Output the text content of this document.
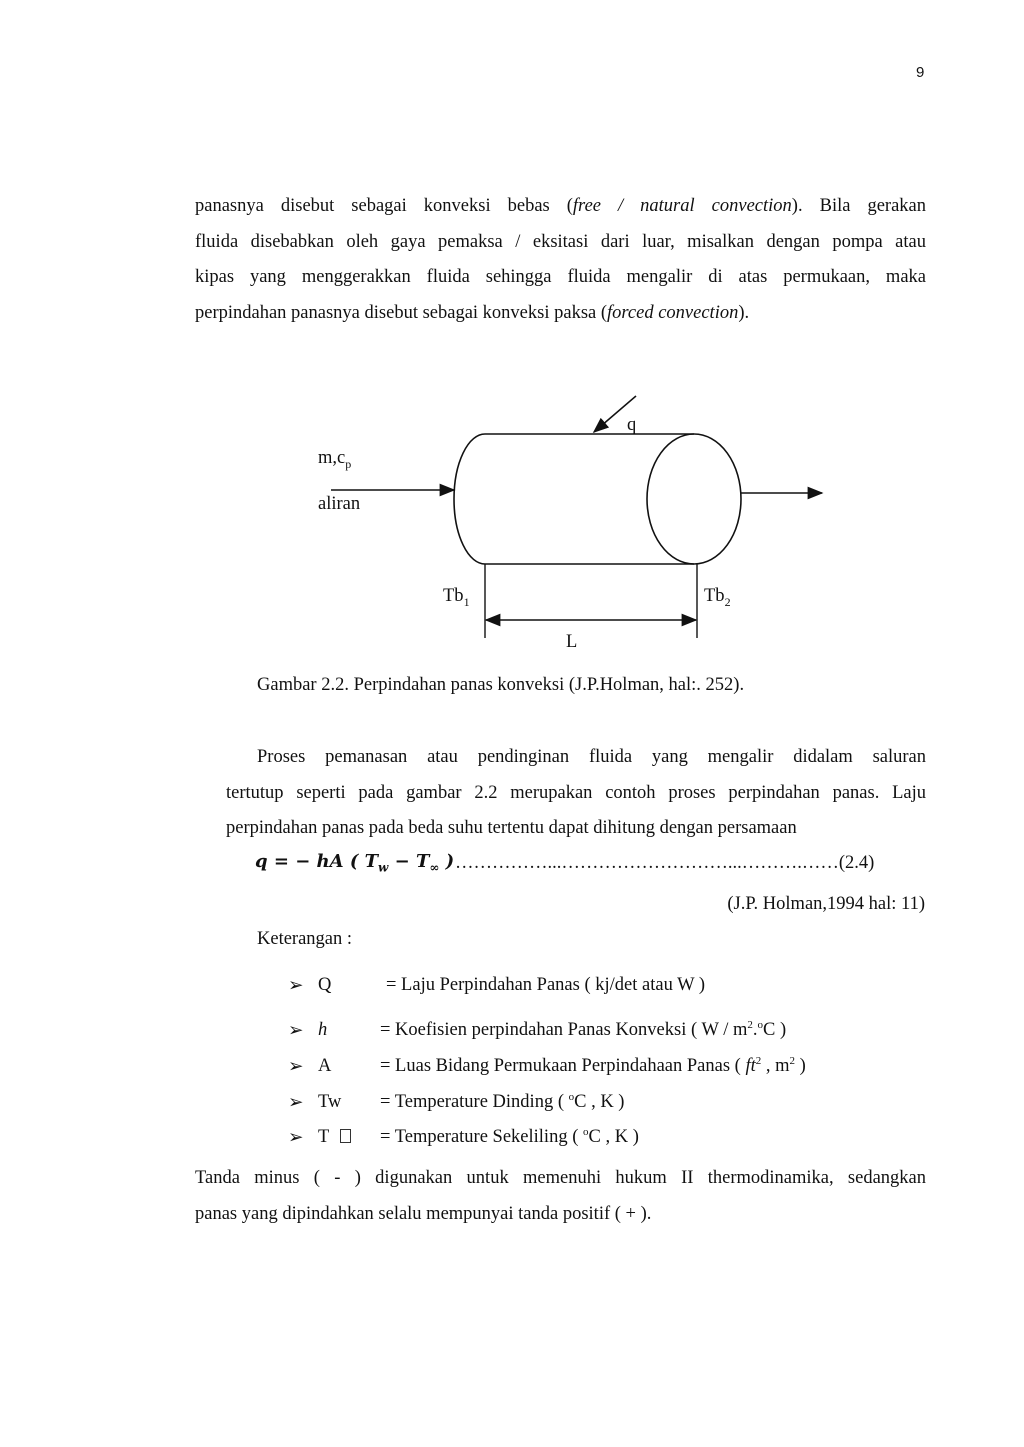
9

panasnya disebut sebagai konveksi bebas (free / natural convection). Bila gerakan

fluida disebabkan oleh gaya pemaksa / eksitasi dari luar, misalkan dengan pompa atau

kipas yang menggerakkan fluida sehingga fluida mengalir di atas permukaan, maka

perpindahan panasnya disebut sebagai konveksi paksa (forced convection).

q
$m,c_p$
aliran
$Tb_1$	$Tb_2$
L
Gambar 2.2. Perpindahan panas konveksi (J.P.Holman, hal:. 252).

Proses pemanasan atau pendinginan fluida yang mengalir didalam saluran

tertutup seperti pada gambar 2.2 merupakan contoh proses perpindahan panas. Laju

perpindahan panas pada beda suhu tertentu dapat dihitung dengan persamaan

q = − hA ( $T_w - T_\infty$ ) ……………...………………………...……….……(2.4)
(J.P. Holman,1994 hal: 11)
Keterangan :
➢ Q	= Laju Perpindahan Panas ( kj/det atau W )
➢ h	= Koefisien perpindahan Panas Konveksi ( W / $m^2.^oC$ )
➢ A	= Luas Bidang Permukaan Perpindahaan Panas ( $ft^2$ , $m^2$ )
➢ Tw = Temperature Dinding ( $^o$C , K )
➢ T	= Temperature Sekeliling ( $^o$C , K )

Tanda minus ( - ) digunakan untuk memenuhi hukum II thermodinamika, sedangkan

panas yang dipindahkan selalu mempunyai tanda positif ( + ).
